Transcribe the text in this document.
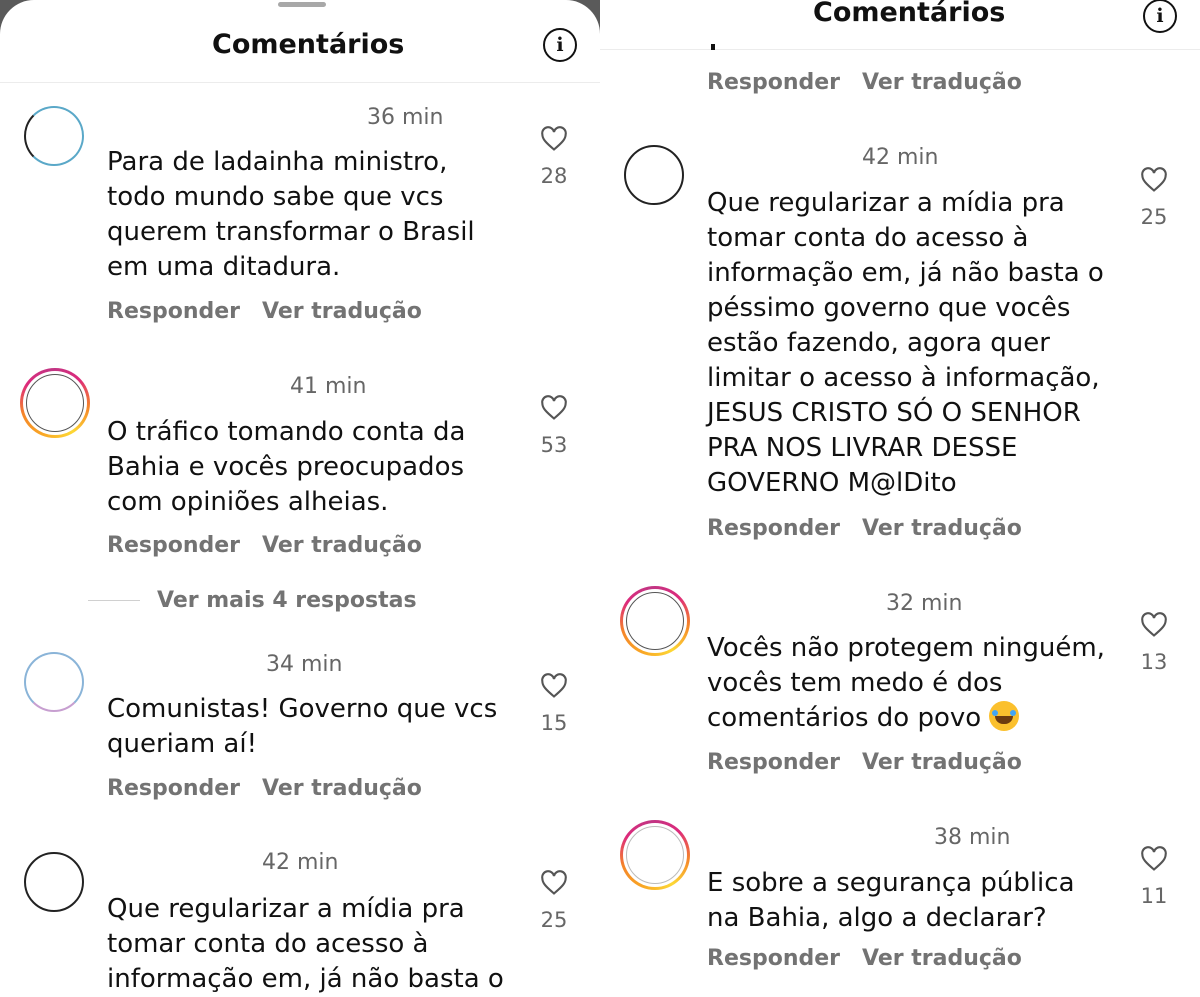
Comentários	i
36 min
Para de ladainha ministro,
todo mundo sabe que vcs
querem transformar o Brasil
em uma ditadura.
Responder Ver tradução
28
41 min
O tráfico tomando conta da
Bahia e vocês preocupados
com opiniões alheias.
Responder Ver tradução
53
Ver mais 4 respostas
34 min
Comunistas! Governo que vcs
queriam aí!
Responder Ver tradução
15
42 min
Que regularizar a mídia pra
tomar conta do acesso à
informação em, já não basta o
25
Comentários	i
Responder Ver tradução
42 min
Que regularizar a mídia pra
tomar conta do acesso à
informação em, já não basta o
péssimo governo que vocês
estão fazendo, agora quer
limitar o acesso à informação,
JESUS CRISTO SÓ O SENHOR
PRA NOS LIVRAR DESSE
GOVERNO M@lDito
Responder Ver tradução
25
32 min
Vocês não protegem ninguém,
vocês tem medo é dos
comentários do povo
Responder Ver tradução
13
38 min
E sobre a segurança pública
na Bahia, algo a declarar?
Responder Ver tradução
11
